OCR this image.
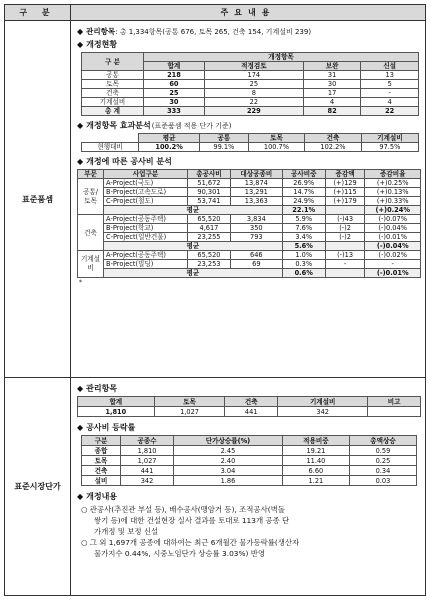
구 분	주요내용
표준품셈
◆ 관리항목 : 총 1,334항목(공통 676, 토목 265, 건축 154, 기계설비 239)
◆ 개정현황
구 분	개정항목			
	합계	적정검토	보완	신설
공통	218	174	31	13
토목	60	25	30	5
건축	25	8	17	-
기계설비	30	22	4	4
총 계	333	229	82	22
◆ 개정항목 효과분석 (표준품셈 적용 단가 기준)
	평균	공통	토목	건축	기계설비
현행대비	100.2%	99.1%	100.7%	102.2%	97.5%
◆ 개정에 따른 공사비 분석
부문	사업구분	총공사비	대상공종비	공사비중	증감액	증감비율
공통/토목	A-Project(국도)	51,672	13,874	26.9%	(+)129	(+)0.25%
	B-Project(고속도로)	90,301	13,291	14.7%	(+)115	(+)0.13%
	C-Project(철도)	53,741	13,363	24.9%	(+)179	(+)0.33%
	평균			22.1%		(+)0.24%
건축	A-Project(공동주택)	65,520	3,834	5.9%	(-)43	(-)0.07%
	B-Project(학교)	4,617	350	7.6%	(-)2	(-)0.04%
	C-Project(일반건물)	23,255	793	3.4%	(-)2	(-)0.01%
	평균			5.6%		(-)0.04%
기계설비	A-Project(공동주택)	65,520	646	1.0%	(-)13	(-)0.02%
	B-Project(빌딩)	23,253	69	0.3%	-	-
	평균			0.6%		(-)0.01%
*
표준시장단가
◆ 관리항목
합계	토목	건축	기계설비	비고
1,810	1,027	441	342	
◆ 공사비 등락률
구분	공종수	단가상승률(%)	적용비중	총액상승
종합	1,810	2.45	19.21	0.59
토목	1,027	2.40	11.40	0.25
건축	441	3.04	6.60	0.34
설비	342	1.86	1.21	0.03
◆ 개정내용
○ 관공사(추진관 부설 등), 배수공사(맹암거 등), 조적공사(벽돌
쌓기 등)에 대한 건설현장 실사 결과를 토대로 113개 공종 단
가개정 및 보정 신설
○ 그 외 1,697개 공종에 대하여는 최근 6개월간 물가등락률(생산자
물가지수 0.44%, 시중노임단가 상승률 3.03%) 반영
